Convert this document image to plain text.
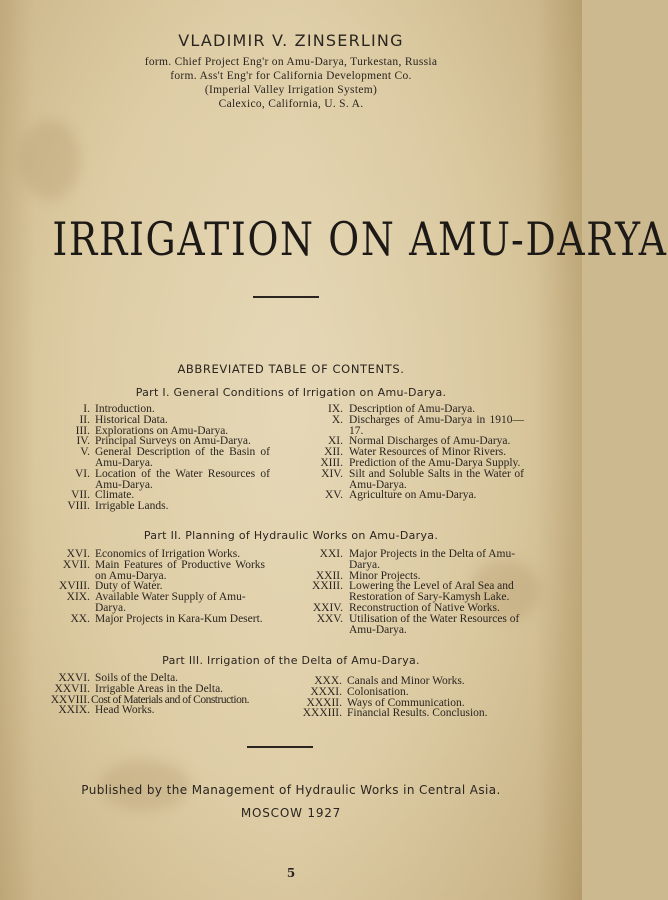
VLADIMIR V. ZINSERLING
form. Chief Project Eng'r on Amu-Darya, Turkestan, Russia
form. Ass't Eng'r for California Development Co.
(Imperial Valley Irrigation System)
Calexico, California, U. S. A.
IRRIGATION ON AMU-DARYA
ABBREVIATED TABLE OF CONTENTS.
Part I. General Conditions of Irrigation on Amu-Darya.
I. Introduction.
II. Historical Data.
III. Explorations on Amu-Darya.
IV. Principal Surveys on Amu-Darya.
V. General Description of the Basin of Amu-Darya.
VI. Location of the Water Resources of Amu-Darya.
VII. Climate.
VIII. Irrigable Lands.
IX. Description of Amu-Darya.
X. Discharges of Amu-Darya in 1910—17.
XI. Normal Discharges of Amu-Darya.
XII. Water Resources of Minor Rivers.
XIII. Prediction of the Amu-Darya Supply.
XIV. Silt and Soluble Salts in the Water of Amu-Darya.
XV. Agriculture on Amu-Darya.
Part II. Planning of Hydraulic Works on Amu-Darya.
XVI. Economics of Irrigation Works.
XVII. Main Features of Productive Works on Amu-Darya.
XVIII. Duty of Water.
XIX. Available Water Supply of Amu-Darya.
XX. Major Projects in Kara-Kum Desert.
XXI. Major Projects in the Delta of Amu-Darya.
XXII. Minor Projects.
XXIII. Lowering the Level of Aral Sea and Restoration of Sary-Kamysh Lake.
XXIV. Reconstruction of Native Works.
XXV. Utilisation of the Water Resources of Amu-Darya.
Part III. Irrigation of the Delta of Amu-Darya.
XXVI. Soils of the Delta.
XXVII. Irrigable Areas in the Delta.
XXVIII. Cost of Materials and of Construction.
XXIX. Head Works.
XXX. Canals and Minor Works.
XXXI. Colonisation.
XXXII. Ways of Communication.
XXXIII. Financial Results. Conclusion.
Published by the Management of Hydraulic Works in Central Asia.
MOSCOW 1927
5
